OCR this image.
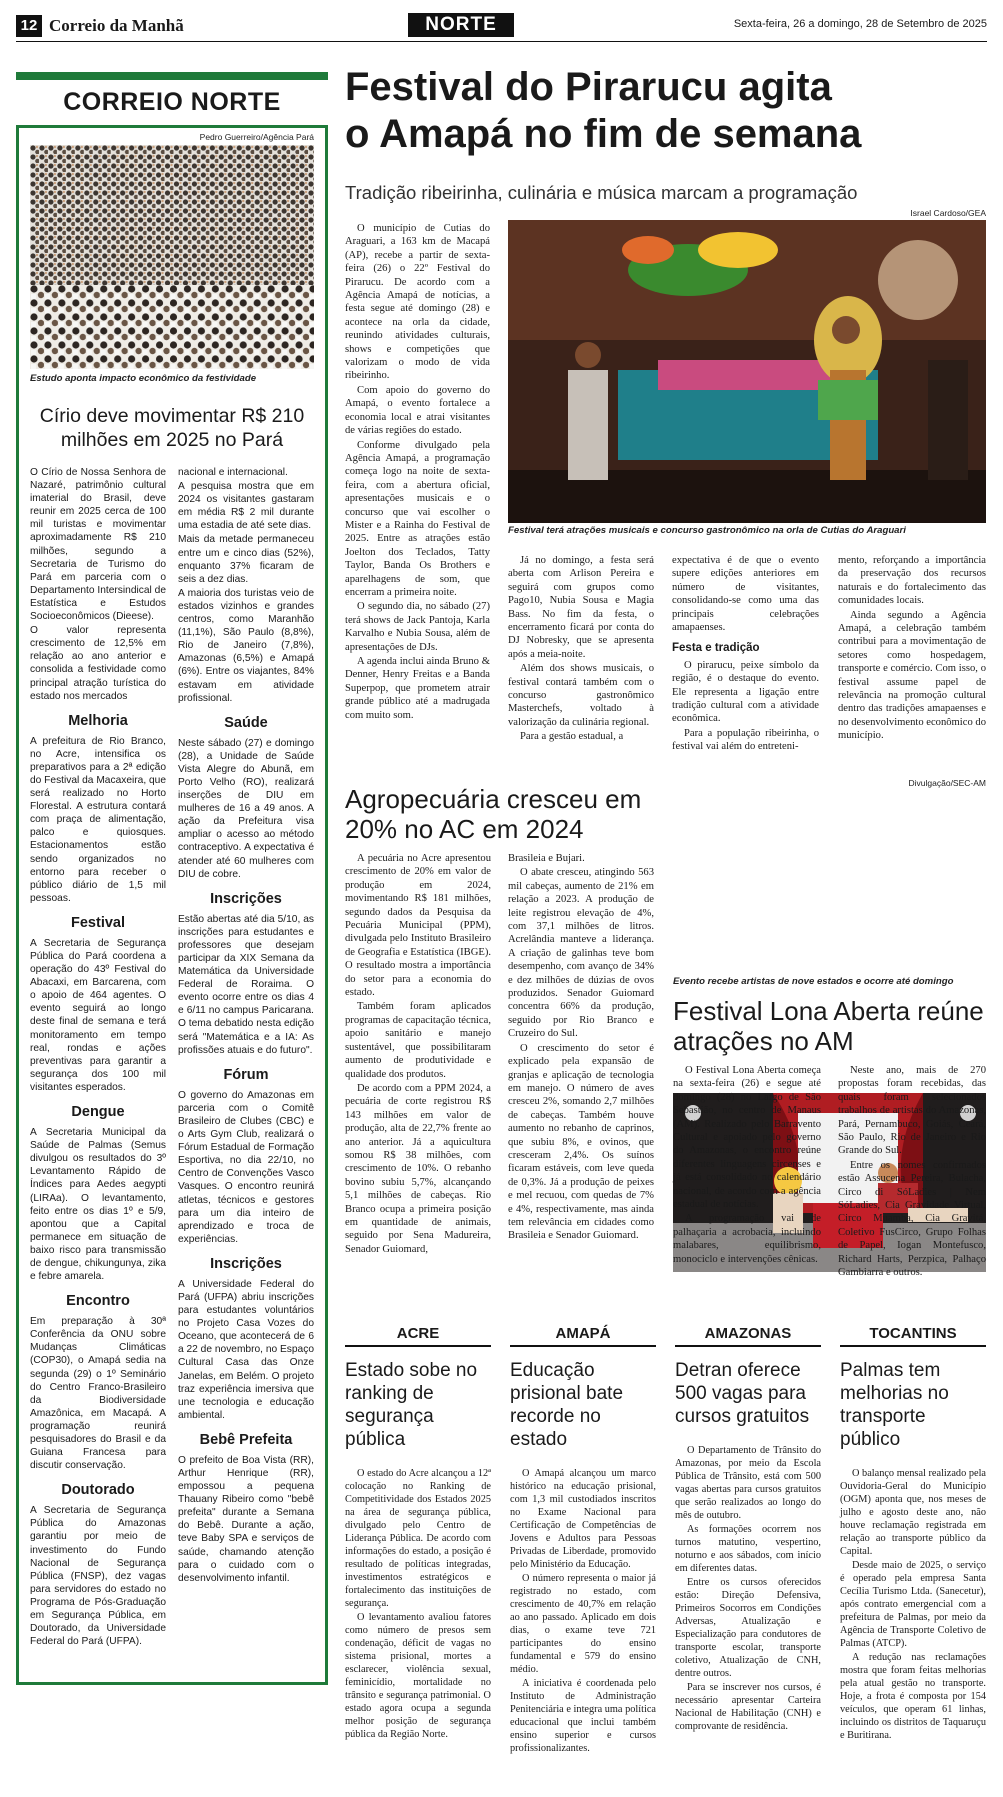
12 Correio da Manhã	NORTE	Sexta-feira, 26 a domingo, 28 de Setembro de 2025
CORREIO NORTE
Pedro Guerreiro/Agência Pará
Estudo aponta impacto econômico da festividade
Círio deve movimentar R$ 210 milhões em 2025 no Pará

O Círio de Nossa Senhora de Nazaré, patrimônio cultural imaterial do Brasil, deve reunir em 2025 cerca de 100 mil turistas e movimentar aproximadamente R$ 210 milhões, segundo a Secretaria de Turismo do Pará em parceria com o Departamento Intersindical de Estatística e Estudos Socioeconômicos (Dieese).

O valor representa crescimento de 12,5% em relação ao ano anterior e consolida a festividade como principal atração turística do estado nos mercados

Melhoria
A prefeitura de Rio Branco, no Acre, intensifica os preparativos para a 2ª edição do Festival da Macaxeira, que será realizado no Horto Florestal. A estrutura contará com praça de alimentação, palco e quiosques. Estacionamentos estão sendo organizados no entorno para receber o público diário de 1,5 mil pessoas.
Festival
A Secretaria de Segurança Pública do Pará coordena a operação do 43º Festival do Abacaxi, em Barcarena, com o apoio de 464 agentes. O evento seguirá ao longo deste final de semana e terá monitoramento em tempo real, rondas e ações preventivas para garantir a segurança dos 100 mil visitantes esperados.
Dengue
A Secretaria Municipal da Saúde de Palmas (Semus divulgou os resultados do 3º Levantamento Rápido de Índices para Aedes aegypti (LIRAa). O levantamento, feito entre os dias 1º e 5/9, apontou que a Capital permanece em situação de baixo risco para transmissão de dengue, chikungunya, zika e febre amarela.
Encontro
Em preparação à 30ª Conferência da ONU sobre Mudanças Climáticas (COP30), o Amapá sedia na segunda (29) o 1º Seminário do Centro Franco-Brasileiro da Biodiversidade Amazônica, em Macapá. A programação reunirá pesquisadores do Brasil e da Guiana Francesa para discutir conservação.
Doutorado
A Secretaria de Segurança Pública do Amazonas garantiu por meio de investimento do Fundo Nacional de Segurança Pública (FNSP), dez vagas para servidores do estado no Programa de Pós-Graduação em Segurança Pública, em Doutorado, da Universidade Federal do Pará (UFPA).

nacional e internacional.

A pesquisa mostra que em 2024 os visitantes gastaram em média R$ 2 mil durante uma estadia de até sete dias.

Mais da metade permaneceu entre um e cinco dias (52%), enquanto 37% ficaram de seis a dez dias.

A maioria dos turistas veio de estados vizinhos e grandes centros, como Maranhão (11,1%), São Paulo (8,8%), Rio de Janeiro (7,8%), Amazonas (6,5%) e Amapá (6%). Entre os viajantes, 84% estavam em atividade profissional.

Saúde
Neste sábado (27) e domingo (28), a Unidade de Saúde Vista Alegre do Abunã, em Porto Velho (RO), realizará inserções de DIU em mulheres de 16 a 49 anos. A ação da Prefeitura visa ampliar o acesso ao método contraceptivo. A expectativa é atender até 60 mulheres com DIU de cobre.
Inscrições
Estão abertas até dia 5/10, as inscrições para estudantes e professores que desejam participar da XIX Semana da Matemática da Universidade Federal de Roraima. O evento ocorre entre os dias 4 e 6/11 no campus Paricarana. O tema debatido nesta edição será "Matemática e a IA: As profissões atuais e do futuro".
Fórum
O governo do Amazonas em parceria com o Comitê Brasileiro de Clubes (CBC) e o Arts Gym Club, realizará o Fórum Estadual de Formação Esportiva, no dia 22/10, no Centro de Convenções Vasco Vasques. O encontro reunirá atletas, técnicos e gestores para um dia inteiro de aprendizado e troca de experiências.
Inscrições
A Universidade Federal do Pará (UFPA) abriu inscrições para estudantes voluntários no Projeto Casa Vozes do Oceano, que acontecerá de 6 a 22 de novembro, no Espaço Cultural Casa das Onze Janelas, em Belém. O projeto traz experiência imersiva que une tecnologia e educação ambiental.
Bebê Prefeita
O prefeito de Boa Vista (RR), Arthur Henrique (RR), empossou a pequena Thauany Ribeiro como "bebê prefeita" durante a Semana do Bebê. Durante a ação, teve Baby SPA e serviços de saúde, chamando atenção para o cuidado com o desenvolvimento infantil.
Festival do Pirarucu agita
o Amapá no fim de semana
Tradição ribeirinha, culinária e música marcam a programação

O município de Cutias do Araguari, a 163 km de Macapá (AP), recebe a partir de sexta-feira (26) o 22º Festival do Pirarucu. De acordo com a Agência Amapá de notícias, a festa segue até domingo (28) e acontece na orla da cidade, reunindo atividades culturais, shows e competições que valorizam o modo de vida ribeirinho.

Com apoio do governo do Amapá, o evento fortalece a economia local e atrai visitantes de várias regiões do estado.

Conforme divulgado pela Agência Amapá, a programação começa logo na noite de sexta-feira, com a abertura oficial, apresentações musicais e o concurso que vai escolher o Mister e a Rainha do Festival de 2025. Entre as atrações estão Joelton dos Teclados, Tatty Taylor, Banda Os Brothers e aparelhagens de som, que encerram a primeira noite.

O segundo dia, no sábado (27) terá shows de Jack Pantoja, Karla Karvalho e Nubia Sousa, além de apresentações de DJs.

A agenda inclui ainda Bruno & Denner, Henry Freitas e a Banda Superpop, que prometem atrair grande público até a madrugada com muito som.

Israel Cardoso/GEA
Festival terá atrações musicais e concurso gastronômico na orla de Cutias do Araguari

Já no domingo, a festa será aberta com Arlison Pereira e seguirá com grupos como Pago10, Nubia Sousa e Magia Bass. No fim da festa, o encerramento ficará por conta do DJ Nobresky, que se apresenta após a meia-noite.

Além dos shows musicais, o festival contará também com o concurso gastronômico Masterchefs, voltado à valorização da culinária regional.

Para a gestão estadual, a

expectativa é de que o evento supere edições anteriores em número de visitantes, consolidando-se como uma das principais celebrações amapaenses.

Festa e tradição

O pirarucu, peixe símbolo da região, é o destaque do evento. Ele representa a ligação entre tradição cultural com a atividade econômica.

Para a população ribeirinha, o festival vai além do entreteni-

mento, reforçando a importância da preservação dos recursos naturais e do fortalecimento das comunidades locais.

Ainda segundo a Agência Amapá, a celebração também contribui para a movimentação de setores como hospedagem, transporte e comércio. Com isso, o festival assume papel de relevância na promoção cultural dentro das tradições amapaenses e no desenvolvimento econômico do município.

Agropecuária cresceu em 20% no AC em 2024

A pecuária no Acre apresentou crescimento de 20% em valor de produção em 2024, movimentando R$ 181 milhões, segundo dados da Pesquisa da Pecuária Municipal (PPM), divulgada pelo Instituto Brasileiro de Geografia e Estatística (IBGE). O resultado mostra a importância do setor para a economia do estado.

Também foram aplicados programas de capacitação técnica, apoio sanitário e manejo sustentável, que possibilitaram aumento de produtividade e qualidade dos produtos.

De acordo com a PPM 2024, a pecuária de corte registrou R$ 143 milhões em valor de produção, alta de 22,7% frente ao ano anterior. Já a aquicultura somou R$ 38 milhões, com crescimento de 10%. O rebanho bovino subiu 5,7%, alcançando 5,1 milhões de cabeças. Rio Branco ocupa a primeira posição em quantidade de animais, seguido por Sena Madureira, Senador Guiomard,

Brasileia e Bujari.

O abate cresceu, atingindo 563 mil cabeças, aumento de 21% em relação a 2023. A produção de leite registrou elevação de 4%, com 37,1 milhões de litros. Acrelândia manteve a liderança. A criação de galinhas teve bom desempenho, com avanço de 34% e dez milhões de dúzias de ovos produzidos. Senador Guiomard concentra 66% da produção, seguido por Rio Branco e Cruzeiro do Sul.

O crescimento do setor é explicado pela expansão de granjas e aplicação de tecnologia em manejo. O número de aves cresceu 2%, somando 2,7 milhões de cabeças. Também houve aumento no rebanho de caprinos, que subiu 8%, e ovinos, que cresceram 2,4%. Os suínos ficaram estáveis, com leve queda de 0,3%. Já a produção de peixes e mel recuou, com quedas de 7% e 4%, respectivamente, mas ainda tem relevância em cidades como Brasileia e Senador Guiomard.

Divulgação/SEC-AM
Evento recebe artistas de nove estados e ocorre até domingo
Festival Lona Aberta reúne atrações no AM

O Festival Lona Aberta começa na sexta-feira (26) e segue até domingo (28) no Largo de São Sebastião, no centro de Manaus (AM). Realizado pelo Barravento Cultural e apoiado pelo governo do Amazonas, o encontro reúne diferentes linguagens circenses e já está consolidado no calendário nacional, de acordo com a agência estadual de notícias.

A programação vai de palhaçaria a acrobacia, incluindo malabares, equilibrismo, monociclo e intervenções cênicas.

Neste ano, mais de 270 propostas foram recebidas, das quais foram selecionados trabalhos de artistas do Amazonas, Pará, Pernambuco, Goiás, Ceará, São Paulo, Rio de Janeiro e Rio Grande do Sul.

Entre os nomes confirmados estão Assucena Pereira, Bulacha, Circo di SóLadies | Nem SóLadies, Cia Gravidade Virtual, Circo Muamba, Cia Gravitá, Coletivo FusCirco, Grupo Folhas de Papel, Iogan Montefusco, Richard Harts, Perzpica, Palhaço Gambiarra e outros.

ACRE
Estado sobe no ranking de segurança pública

O estado do Acre alcançou a 12ª colocação no Ranking de Competitividade dos Estados 2025 na área de segurança pública, divulgado pelo Centro de Liderança Pública. De acordo com informações do estado, a posição é resultado de políticas integradas, investimentos estratégicos e fortalecimento das instituições de segurança.

O levantamento avaliou fatores como número de presos sem condenação, déficit de vagas no sistema prisional, mortes a esclarecer, violência sexual, feminicídio, mortalidade no trânsito e segurança patrimonial. O estado agora ocupa a segunda melhor posição de segurança pública da Região Norte.

AMAPÁ
Educação prisional bate recorde no estado

O Amapá alcançou um marco histórico na educação prisional, com 1,3 mil custodiados inscritos no Exame Nacional para Certificação de Competências de Jovens e Adultos para Pessoas Privadas de Liberdade, promovido pelo Ministério da Educação.

O número representa o maior já registrado no estado, com crescimento de 40,7% em relação ao ano passado. Aplicado em dois dias, o exame teve 721 participantes do ensino fundamental e 579 do ensino médio.

A iniciativa é coordenada pelo Instituto de Administração Penitenciária e integra uma política educacional que inclui também ensino superior e cursos profissionalizantes.

AMAZONAS
Detran oferece 500 vagas para cursos gratuitos

O Departamento de Trânsito do Amazonas, por meio da Escola Pública de Trânsito, está com 500 vagas abertas para cursos gratuitos que serão realizados ao longo do mês de outubro.

As formações ocorrem nos turnos matutino, vespertino, noturno e aos sábados, com início em diferentes datas.

Entre os cursos oferecidos estão: Direção Defensiva, Primeiros Socorros em Condições Adversas, Atualização e Especialização para condutores de transporte escolar, transporte coletivo, Atualização de CNH, dentre outros.

Para se inscrever nos cursos, é necessário apresentar Carteira Nacional de Habilitação (CNH) e comprovante de residência.

TOCANTINS
Palmas tem melhorias no transporte público

O balanço mensal realizado pela Ouvidoria-Geral do Município (OGM) aponta que, nos meses de julho e agosto deste ano, não houve reclamação registrada em relação ao transporte público da Capital.

Desde maio de 2025, o serviço é operado pela empresa Santa Cecília Turismo Ltda. (Sanecetur), após contrato emergencial com a prefeitura de Palmas, por meio da Agência de Transporte Coletivo de Palmas (ATCP).

A redução nas reclamações mostra que foram feitas melhorias pela atual gestão no transporte. Hoje, a frota é composta por 154 veículos, que operam 61 linhas, incluindo os distritos de Taquaruçu e Buritirana.
